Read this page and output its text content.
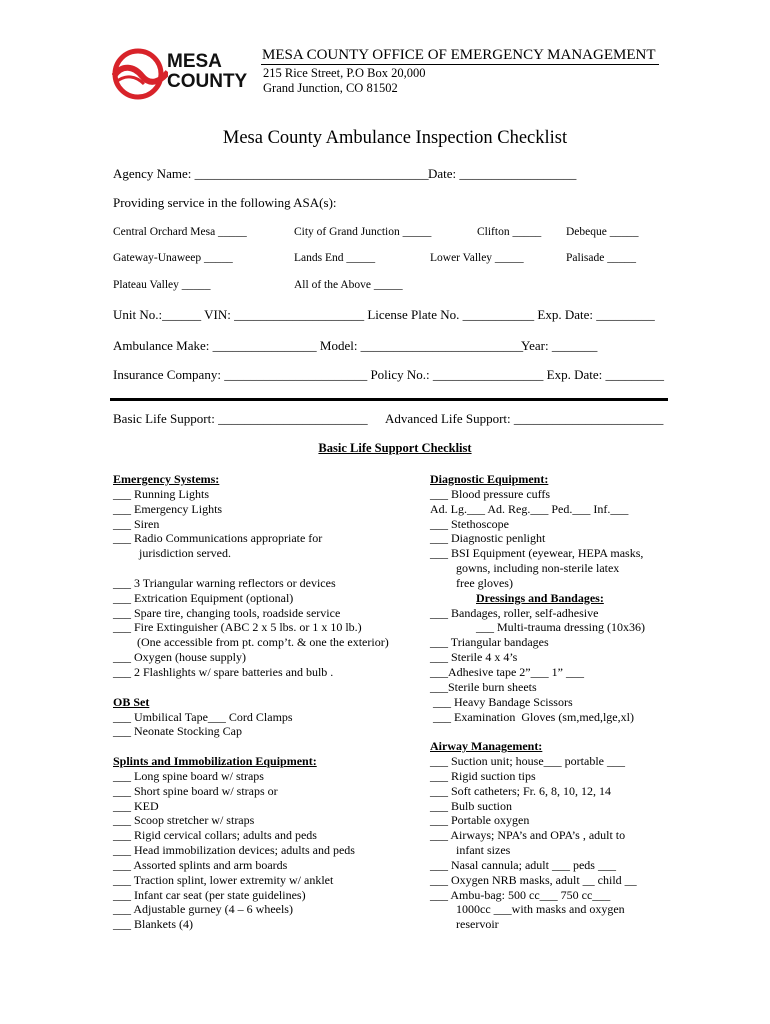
MESA
COUNTY
MESA COUNTY OFFICE OF EMERGENCY MANAGEMENT
215 Rice Street, P.O Box 20,000
Grand Junction, CO 81502
Mesa County Ambulance Inspection Checklist
Agency Name: ____________________________________ Date: __________________
Providing service in the following ASA(s):
Central Orchard Mesa _____	City of Grand Junction _____	Clifton _____ Debeque _____
Gateway-Unaweep _____	Lands End _____	Lower Valley _____	Palisade _____
Plateau Valley _____	All of the Above _____
Unit No.:______ VIN: ____________________ License Plate No. ___________ Exp. Date: _________
Ambulance Make: ________________ Model: _________________________
Year: _______
Insurance Company: ______________________ Policy No.: _________________ Exp. Date: _________
Basic Life Support: _______________________ Advanced Life Support: _______________________
Basic Life Support Checklist
Emergency Systems:
___ Running Lights
___ Emergency Lights
___ Siren
___ Radio Communications appropriate for
jurisdiction served.
___ 3 Triangular warning reflectors or devices
___ Extrication Equipment (optional)
___ Spare tire, changing tools, roadside service
___ Fire Extinguisher (ABC 2 x 5 lbs. or 1 x 10 lb.)
(One accessible from pt. comp’t. & one the exterior)
___ Oxygen (house supply)
___ 2 Flashlights w/ spare batteries and bulb .
OB Set
___ Umbilical Tape___ Cord Clamps
___ Neonate Stocking Cap
Splints and Immobilization Equipment:
___ Long spine board w/ straps
___ Short spine board w/ straps or
___ KED
___ Scoop stretcher w/ straps
___ Rigid cervical collars; adults and peds
___ Head immobilization devices; adults and peds
___ Assorted splints and arm boards
___ Traction splint, lower extremity w/ anklet
___ Infant car seat (per state guidelines)
___ Adjustable gurney (4 – 6 wheels)
___ Blankets (4)
Diagnostic Equipment:
___ Blood pressure cuffs
Ad. Lg.___ Ad. Reg.___ Ped.___ Inf.___
___ Stethoscope
___ Diagnostic penlight
___ BSI Equipment (eyewear, HEPA masks,
gowns, including non-sterile latex
free gloves)
Dressings and Bandages:
___ Bandages, roller, self-adhesive
___ Multi-trauma dressing (10x36)
___ Triangular bandages
___ Sterile 4 x 4’s
___Adhesive tape 2”___ 1” ___
___Sterile burn sheets
___ Heavy Bandage Scissors
___ Examination  Gloves (sm,med,lge,xl)
Airway Management:
___ Suction unit; house___ portable ___
___ Rigid suction tips
___ Soft catheters; Fr. 6, 8, 10, 12, 14
___ Bulb suction
___ Portable oxygen
___ Airways; NPA’s and OPA’s , adult to
infant sizes
___ Nasal cannula; adult ___ peds ___
___ Oxygen NRB masks, adult __ child __
___ Ambu-bag: 500 cc___ 750 cc___
1000cc ___with masks and oxygen
reservoir
